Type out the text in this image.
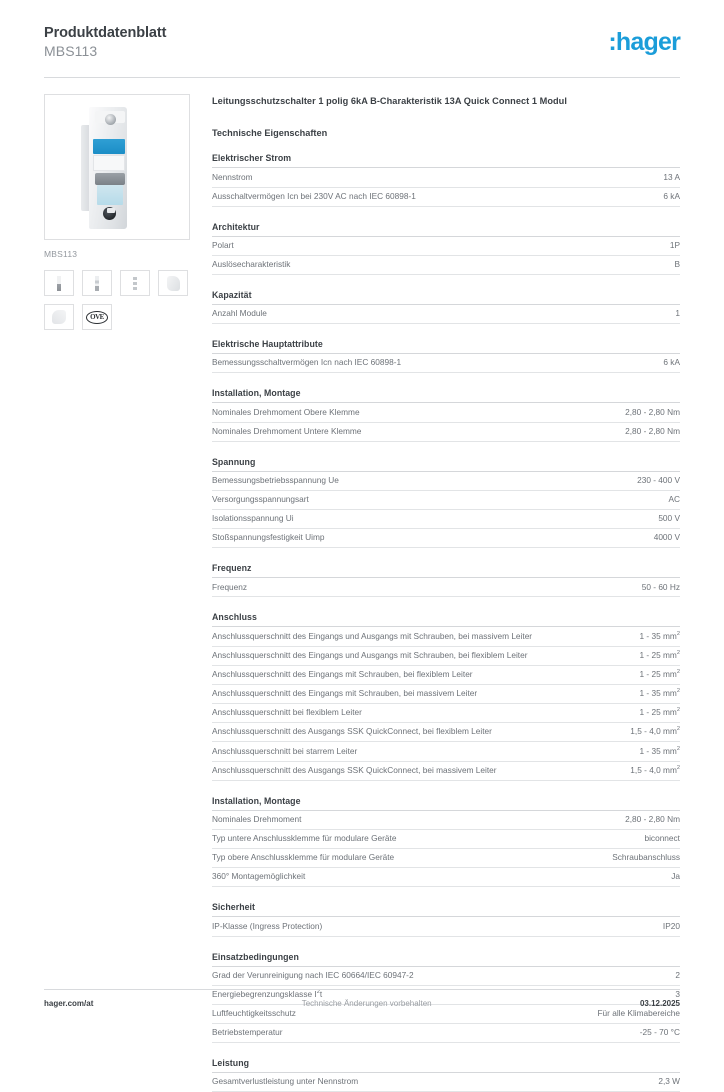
Produktdatenblatt
MBS113	:hager
MBS113
OVE
Leitungsschutzschalter 1 polig 6kA B-Charakteristik 13A Quick Connect 1 Modul
Technische Eigenschaften
Elektrischer Strom
Nennstrom	13 A
Ausschaltvermögen Icn bei 230V AC nach IEC 60898-1	6 kA
Architektur
Polart	1P
Auslösecharakteristik	B
Kapazität
Anzahl Module	1
Elektrische Hauptattribute
Bemessungsschaltvermögen Icn nach IEC 60898-1	6 kA
Installation, Montage
Nominales Drehmoment Obere Klemme	2,80 - 2,80 Nm
Nominales Drehmoment Untere Klemme	2,80 - 2,80 Nm
Spannung
Bemessungsbetriebsspannung Ue	230 - 400 V
Versorgungsspannungsart	AC
Isolationsspannung Ui	500 V
Stoßspannungsfestigkeit Uimp	4000 V
Frequenz
Frequenz	50 - 60 Hz
Anschluss
Anschlussquerschnitt des Eingangs und Ausgangs mit Schrauben, bei massivem Leiter	1 - 35 $mm^2$
Anschlussquerschnitt des Eingangs und Ausgangs mit Schrauben, bei flexiblem Leiter	1 - 25 $mm^2$
Anschlussquerschnitt des Eingangs mit Schrauben, bei flexiblem Leiter	1 - 25 $mm^2$
Anschlussquerschnitt des Eingangs mit Schrauben, bei massivem Leiter	1 - 35 $mm^2$
Anschlussquerschnitt bei flexiblem Leiter	1 - 25 $mm^2$
Anschlussquerschnitt des Ausgangs SSK QuickConnect, bei flexiblem Leiter	1,5 - 4,0 $mm^2$
Anschlussquerschnitt bei starrem Leiter	1 - 35 $mm^2$
Anschlussquerschnitt des Ausgangs SSK QuickConnect, bei massivem Leiter	1,5 - 4,0 $mm^2$
Installation, Montage
Nominales Drehmoment	2,80 - 2,80 Nm
Typ untere Anschlussklemme für modulare Geräte	biconnect
Typ obere Anschlussklemme für modulare Geräte	Schraubanschluss
360° Montagemöglichkeit	Ja
Sicherheit
IP-Klasse (Ingress Protection)	IP20
Einsatzbedingungen
Grad der Verunreinigung nach IEC 60664/IEC 60947-2	2
Energiebegrenzungsklasse $I^2t$	3
Luftfeuchtigkeitsschutz	Für alle Klimabereiche
Betriebstemperatur	-25 - 70 °C
Leistung
Gesamtverlustleistung unter Nennstrom	2,3 W
hager.com/at	Technische Änderungen vorbehalten	03.12.2025
